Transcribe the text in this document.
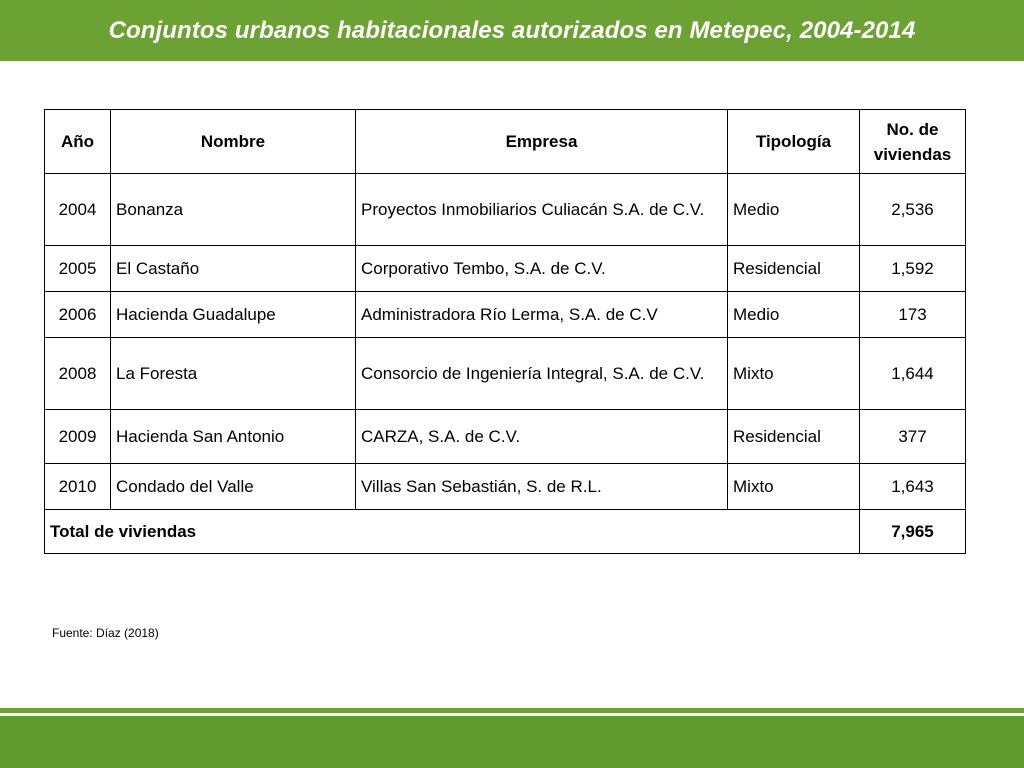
Conjuntos urbanos habitacionales autorizados en Metepec, 2004-2014
Año	Nombre	Empresa	Tipología	No. de viviendas
2004	Bonanza	Proyectos Inmobiliarios Culiacán S.A. de C.V.	Medio	2,536
2005	El Castaño	Corporativo Tembo, S.A. de C.V.	Residencial	1,592
2006	Hacienda Guadalupe	Administradora Río Lerma, S.A. de C.V	Medio	173
2008	La Foresta	Consorcio de Ingeniería Integral, S.A. de C.V.	Mixto	1,644
2009	Hacienda San Antonio	CARZA, S.A. de C.V.	Residencial	377
2010	Condado del Valle	Villas San Sebastián, S. de R.L.	Mixto	1,643
Total de viviendas				7,965
Fuente: Díaz (2018)
